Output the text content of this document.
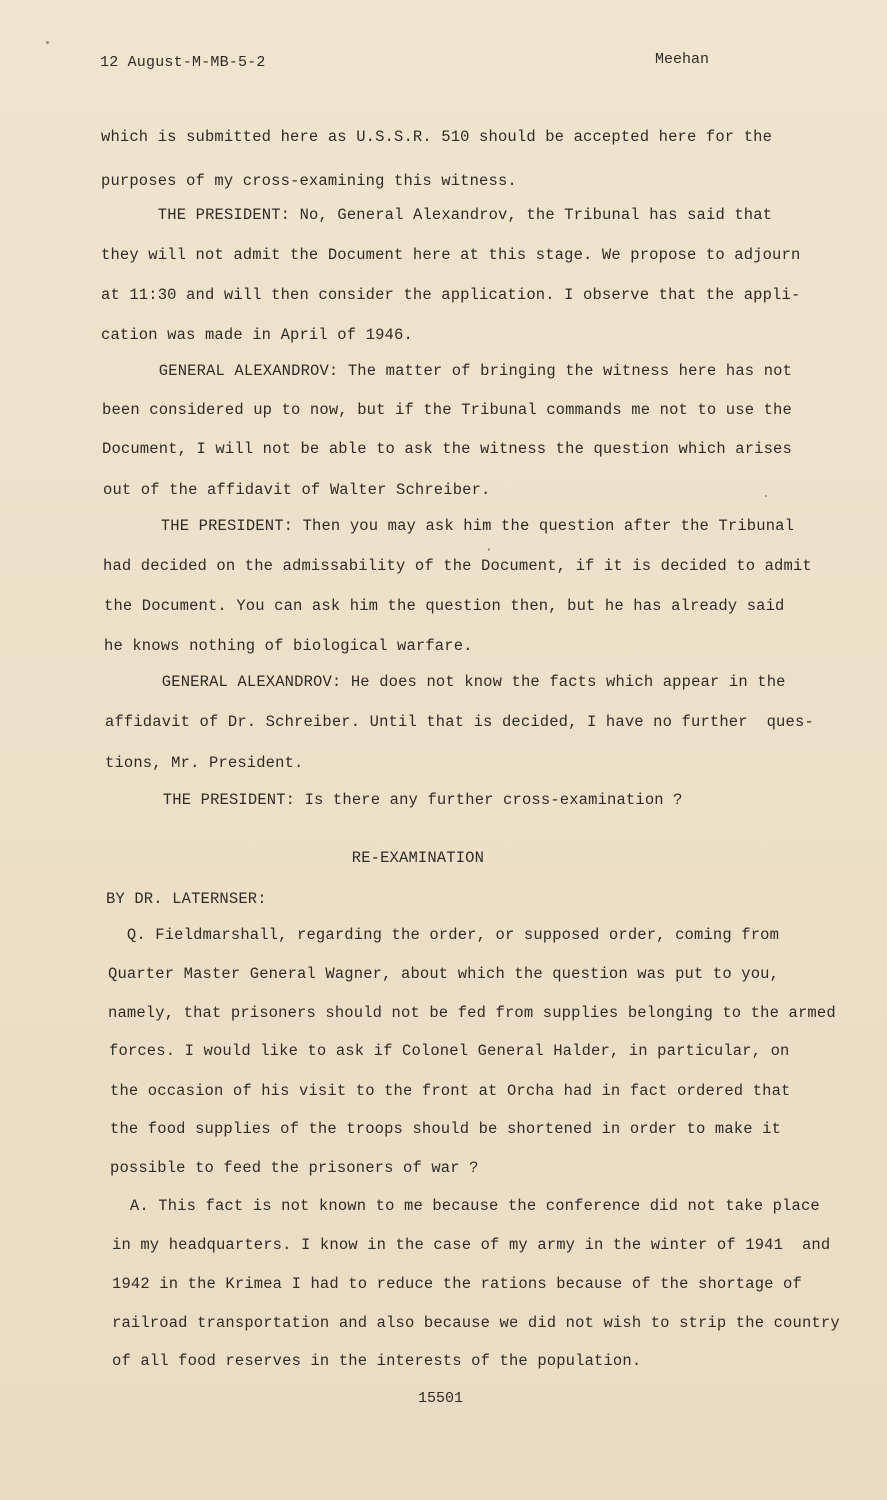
12 August-M-MB-5-2	Meehan
which is submitted here as U.S.S.R. 510 should be accepted here for the
purposes of my cross-examining this witness.
THE PRESIDENT: No, General Alexandrov, the Tribunal has said that
they will not admit the Document here at this stage. We propose to adjourn
at 11:30 and will then consider the application. I observe that the appli-
cation was made in April of 1946.
GENERAL ALEXANDROV: The matter of bringing the witness here has not
been considered up to now, but if the Tribunal commands me not to use the
Document, I will not be able to ask the witness the question which arises
out of the affidavit of Walter Schreiber.
THE PRESIDENT: Then you may ask him the question after the Tribunal
had decided on the admissability of the Document, if it is decided to admit
the Document. You can ask him the question then, but he has already said
he knows nothing of biological warfare.
GENERAL ALEXANDROV: He does not know the facts which appear in the
affidavit of Dr. Schreiber. Until that is decided, I have no further  ques-
tions, Mr. President.
THE PRESIDENT: Is there any further cross-examination ?
RE-EXAMINATION
BY DR. LATERNSER:
Q. Fieldmarshall, regarding the order, or supposed order, coming from
Quarter Master General Wagner, about which the question was put to you,
namely, that prisoners should not be fed from supplies belonging to the armed
forces. I would like to ask if Colonel General Halder, in particular, on
the occasion of his visit to the front at Orcha had in fact ordered that
the food supplies of the troops should be shortened in order to make it
possible to feed the prisoners of war ?
A. This fact is not known to me because the conference did not take place
in my headquarters. I know in the case of my army in the winter of 1941  and
1942 in the Krimea I had to reduce the rations because of the shortage of
railroad transportation and also because we did not wish to strip the country
of all food reserves in the interests of the population.
15501
